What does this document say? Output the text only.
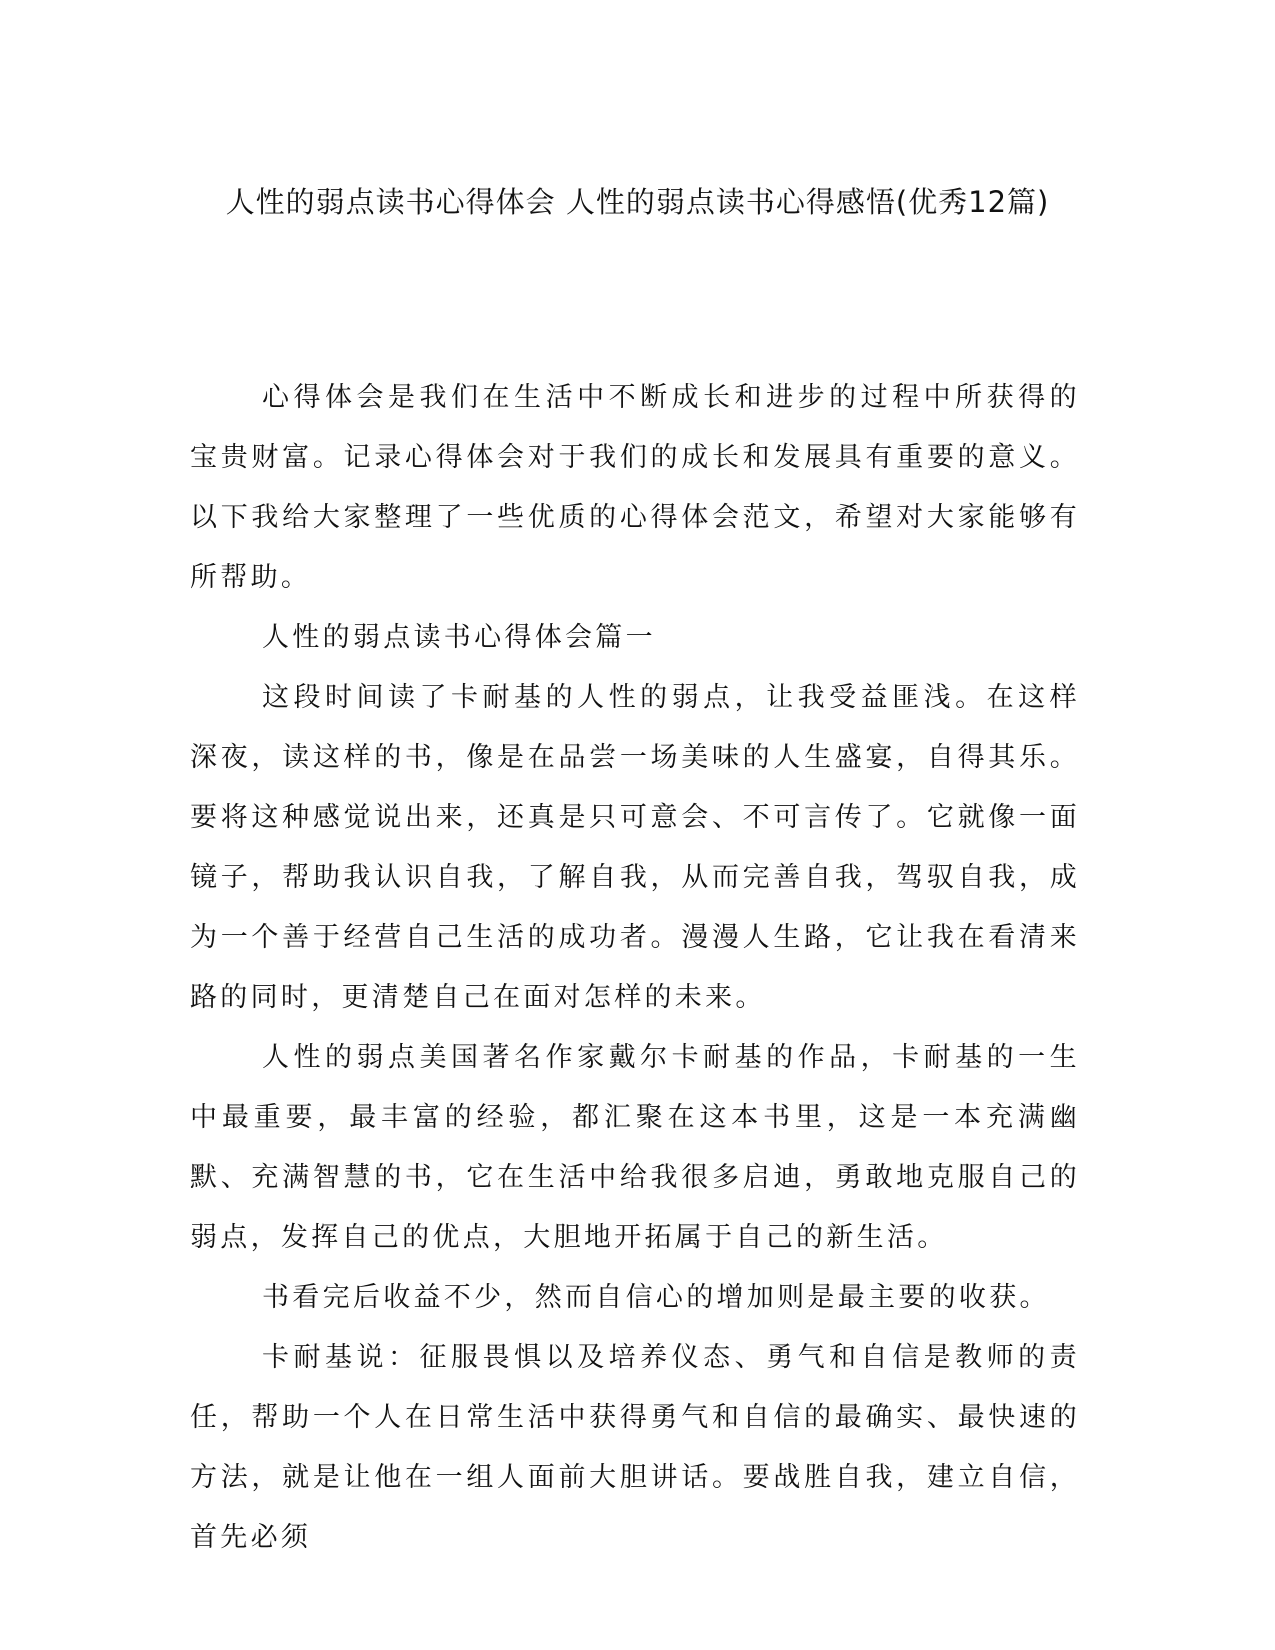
人性的弱点读书心得体会 人性的弱点读书心得感悟(优秀12篇)

心得体会是我们在生活中不断成长和进步的过程中所获得的宝贵财富。记录心得体会对于我们的成长和发展具有重要的意义。以下我给大家整理了一些优质的心得体会范文，希望对大家能够有所帮助。

人性的弱点读书心得体会篇一

这段时间读了卡耐基的人性的弱点，让我受益匪浅。在这样深夜，读这样的书，像是在品尝一场美味的人生盛宴，自得其乐。要将这种感觉说出来，还真是只可意会、不可言传了。它就像一面镜子，帮助我认识自我，了解自我，从而完善自我，驾驭自我，成为一个善于经营自己生活的成功者。漫漫人生路，它让我在看清来路的同时，更清楚自己在面对怎样的未来。

人性的弱点美国著名作家戴尔卡耐基的作品，卡耐基的一生中最重要，最丰富的经验，都汇聚在这本书里，这是一本充满幽默、充满智慧的书，它在生活中给我很多启迪，勇敢地克服自己的弱点，发挥自己的优点，大胆地开拓属于自己的新生活。

书看完后收益不少，然而自信心的增加则是最主要的收获。

卡耐基说：征服畏惧以及培养仪态、勇气和自信是教师的责任，帮助一个人在日常生活中获得勇气和自信的最确实、最快速的方法，就是让他在一组人面前大胆讲话。要战胜自我，建立自信，首先必须
